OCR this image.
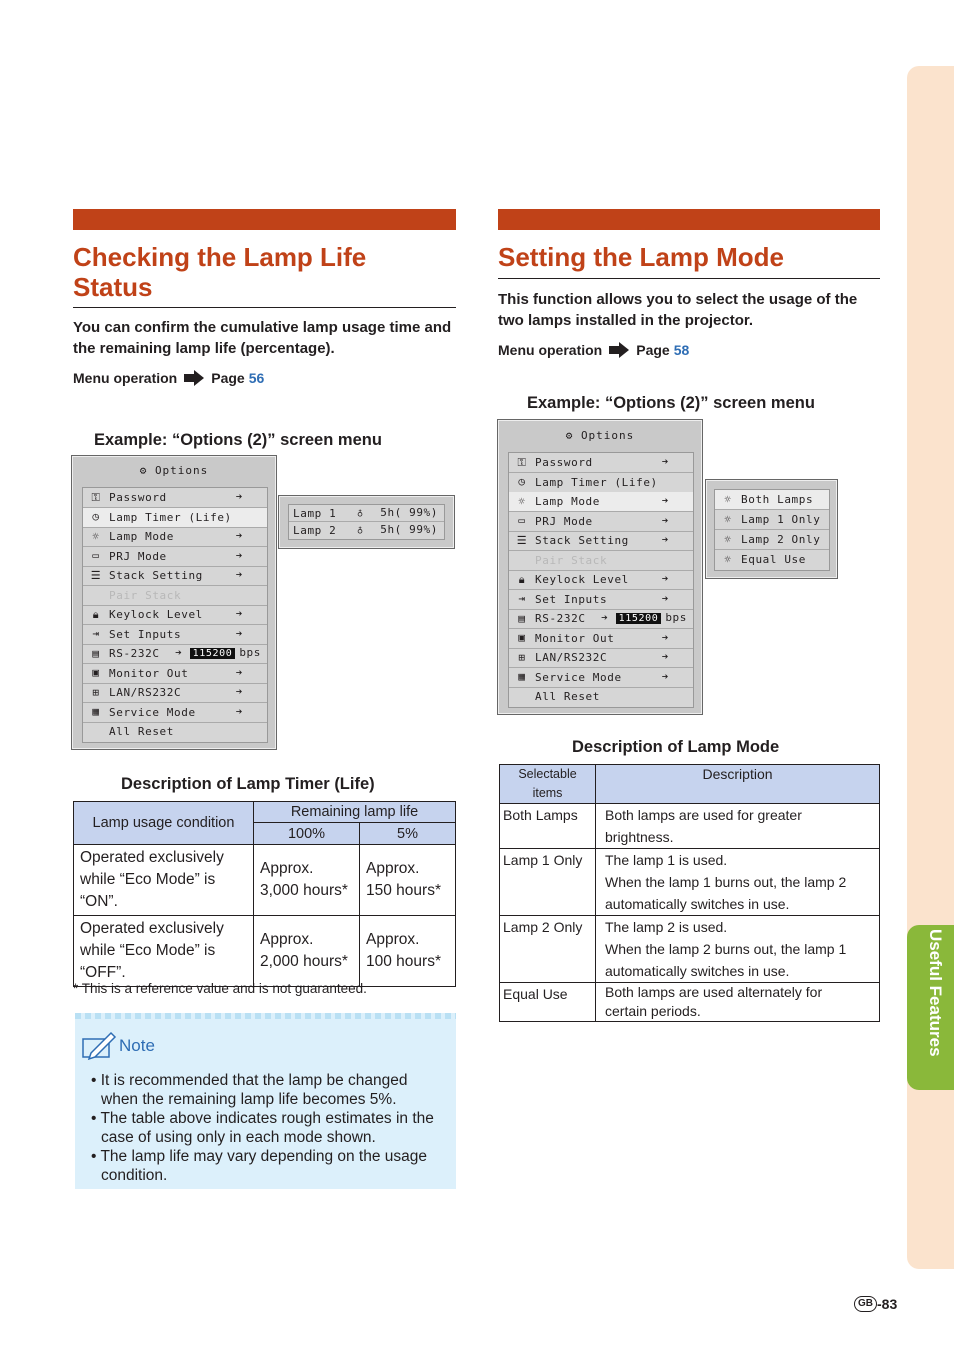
Useful Features
Checking the Lamp Life
Status
You can confirm the cumulative lamp usage time and the remaining lamp life (percentage).
Menu operation Page 56
Example: “Options (2)” screen menu
⚙ Options
⚿ Password	➔
◷ Lamp Timer (Life)
☼ Lamp Mode	➔
▭ PRJ Mode	➔
☰ Stack Setting	➔
Pair Stack
🔒︎ Keylock Level	➔
⇥ Set Inputs	➔
▤ RS-232C	➔ 115200 bps
▣ Monitor Out	➔
⊞ LAN/RS232C	➔
▦ Service Mode	➔
All Reset
Lamp 1	♁ 5h( 99%)
Lamp 2	♁ 5h( 99%)
Description of Lamp Timer (Life)
Lamp usage condition	Remaining lamp life	
	100%	5%
Operated exclusively while “Eco Mode” is “ON”.	Approx. 3,000 hours*	Approx. 150 hours*
Operated exclusively while “Eco Mode” is “OFF”.	Approx. 2,000 hours*	Approx. 100 hours*
* This is a reference value and is not guaranteed.
Note
• It is recommended that the lamp be changed when the remaining lamp life becomes 5%.
• The table above indicates rough estimates in the case of using only in each mode shown.
• The lamp life may vary depending on the usage condition.
Setting the Lamp Mode
This function allows you to select the usage of the two lamps installed in the projector.
Menu operation Page 58
Example: “Options (2)” screen menu
⚙ Options
⚿ Password	➔
◷ Lamp Timer (Life)
☼ Lamp Mode	➔
▭ PRJ Mode	➔
☰ Stack Setting	➔
Pair Stack
🔒︎ Keylock Level	➔
⇥ Set Inputs	➔
▤ RS-232C	➔ 115200 bps
▣ Monitor Out	➔
⊞ LAN/RS232C	➔
▦ Service Mode	➔
All Reset
☼ Both Lamps
☼ Lamp 1 Only
☼ Lamp 2 Only
☼ Equal Use
Description of Lamp Mode
Selectable items	Description
Both Lamps	Both lamps are used for greater
brightness.

Lamp 1 Only	The lamp 1 is used.
When the lamp 1 burns out, the lamp 2
automatically switches in use.

Lamp 2 Only	The lamp 2 is used.
When the lamp 2 burns out, the lamp 1
automatically switches in use.

Equal Use	Both lamps are used alternately for
certain periods.
GB -83
